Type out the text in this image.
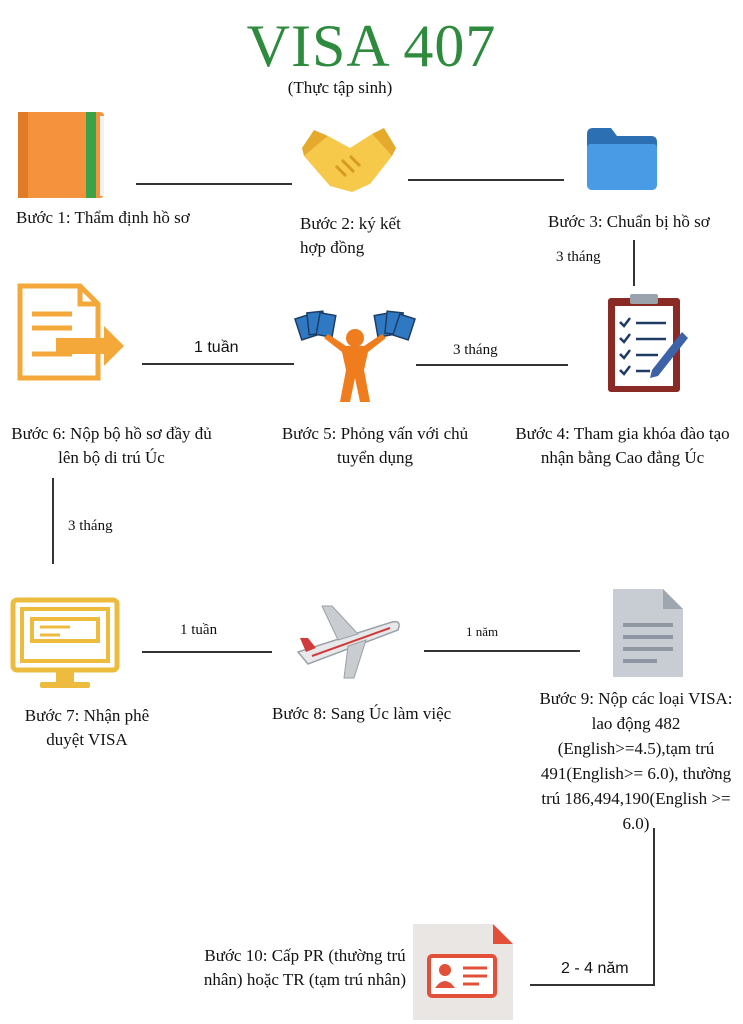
VISA 407
(Thực tập sinh)
3 tháng
3 tháng
1 tuần
3 tháng
1 tuần	1 năm
2 - 4 năm
Bước 1: Thẩm định hồ sơ	Bước 2: ký kết hợp đồng
Bước 3: Chuẩn bị hồ sơ
Bước 4: Tham gia khóa đào tạo nhận bằng Cao đẳng Úc
Bước 5: Phỏng vấn với chủ tuyển dụng
Bước 6: Nộp bộ hồ sơ đầy đủ lên bộ di trú Úc
Bước 7: Nhận phê duyệt VISA
Bước 8: Sang Úc làm việc
Bước 9: Nộp các loại VISA: lao động 482 (English>=4.5),tạm trú 491(English>= 6.0), thường trú 186,494,190(English >= 6.0)
Bước 10: Cấp PR (thường trú nhân) hoặc TR (tạm trú nhân)
